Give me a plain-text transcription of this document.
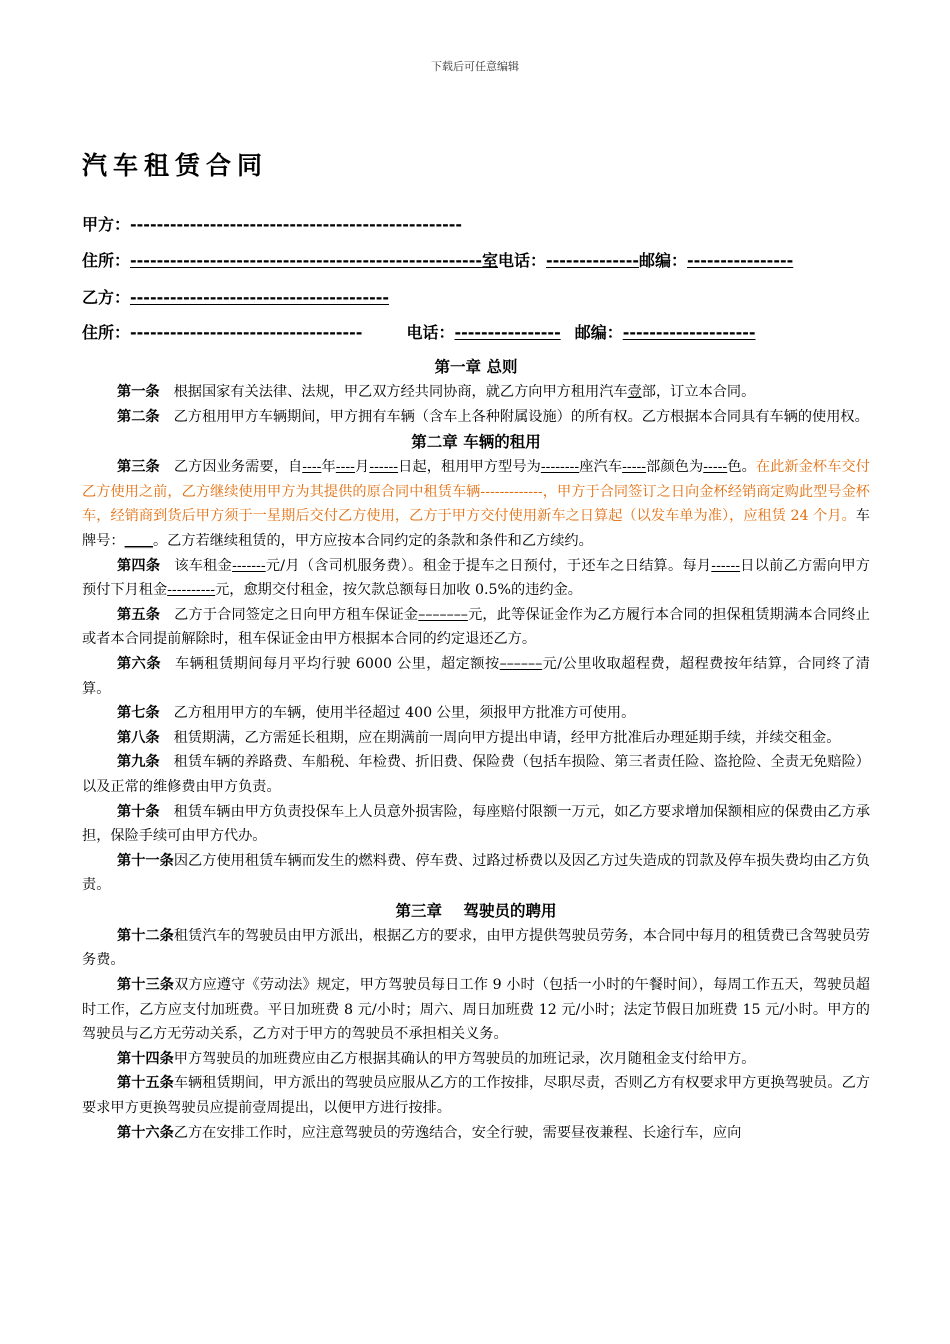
下载后可任意编辑
汽车租赁合同
甲方：--------------------------------------------------
住所：-----------------------------------------------------室电话：--------------邮编：----------------
乙方：---------------------------------------
住所：-----------------------------------	电话：---------------- 邮编：--------------------
第一章 总则

第一条 根据国家有关法律、法规，甲乙双方经共同协商，就乙方向甲方租用汽车壹部，订立本合同。

第二条 乙方租用甲方车辆期间，甲方拥有车辆（含车上各种附属设施）的所有权。乙方根据本合同具有车辆的使用权。

第二章 车辆的租用

第三条 乙方因业务需要，自----年----月------日起，租用甲方型号为--------座汽车-----部颜色为-----色。在此新金杯车交付乙方使用之前，乙方继续使用甲方为其提供的原合同中租赁车辆-------------，甲方于合同签订之日向金杯经销商定购此型号金杯车，经销商到货后甲方须于一星期后交付乙方使用，乙方于甲方交付使用新车之日算起（以发车单为准），应租赁 24 个月。车牌号：____。乙方若继续租赁的，甲方应按本合同约定的条款和条件和乙方续约。

第四条 该车租金-------元/月（含司机服务费）。租金于提车之日预付，于还车之日结算。每月------日以前乙方需向甲方预付下月租金----------元，愈期交付租金，按欠款总额每日加收 0.5%的违约金。

第五条 乙方于合同签定之日向甲方租车保证金–––––––元，此等保证金作为乙方履行本合同的担保租赁期满本合同终止或者本合同提前解除时，租车保证金由甲方根据本合同的约定退还乙方。

第六条 车辆租赁期间每月平均行驶 6000 公里，超定额按––––––元/公里收取超程费，超程费按年结算，合同终了清算。

第七条 乙方租用甲方的车辆，使用半径超过 400 公里，须报甲方批准方可使用。

第八条 租赁期满，乙方需延长租期，应在期满前一周向甲方提出申请，经甲方批准后办理延期手续，并续交租金。

第九条 租赁车辆的养路费、车船税、年检费、折旧费、保险费（包括车损险、第三者责任险、盗抢险、全责无免赔险）以及正常的维修费由甲方负责。

第十条 租赁车辆由甲方负责投保车上人员意外损害险，每座赔付限额一万元，如乙方要求增加保额相应的保费由乙方承担，保险手续可由甲方代办。

第十一条因乙方使用租赁车辆而发生的燃料费、停车费、过路过桥费以及因乙方过失造成的罚款及停车损失费均由乙方负责。

第三章    驾驶员的聘用

第十二条租赁汽车的驾驶员由甲方派出，根据乙方的要求，由甲方提供驾驶员劳务，本合同中每月的租赁费已含驾驶员劳务费。

第十三条双方应遵守《劳动法》规定，甲方驾驶员每日工作 9 小时（包括一小时的午餐时间），每周工作五天，驾驶员超时工作，乙方应支付加班费。平日加班费 8 元/小时；周六、周日加班费 12 元/小时；法定节假日加班费 15 元/小时。甲方的驾驶员与乙方无劳动关系，乙方对于甲方的驾驶员不承担相关义务。

第十四条甲方驾驶员的加班费应由乙方根据其确认的甲方驾驶员的加班记录，次月随租金支付给甲方。

第十五条车辆租赁期间，甲方派出的驾驶员应服从乙方的工作按排，尽职尽责，否则乙方有权要求甲方更换驾驶员。乙方要求甲方更换驾驶员应提前壹周提出，以便甲方进行按排。

第十六条乙方在安排工作时，应注意驾驶员的劳逸结合，安全行驶，需要昼夜兼程、长途行车，应向
